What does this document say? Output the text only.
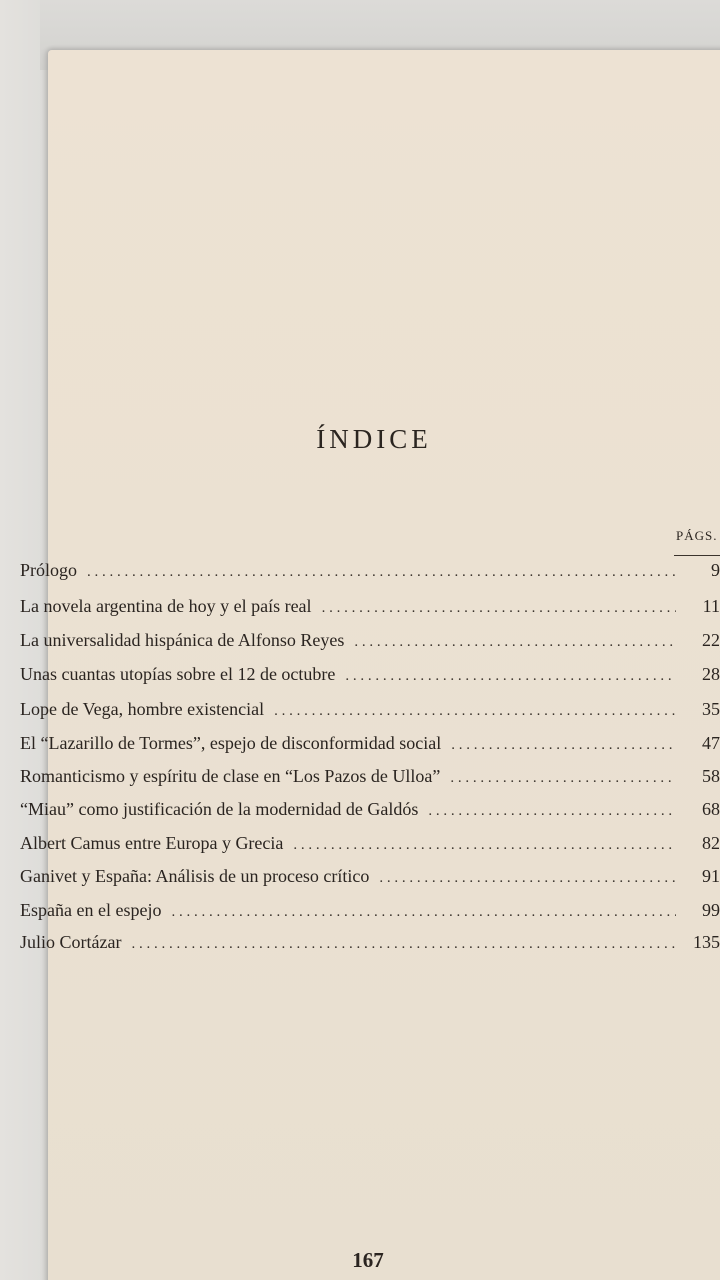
ÍNDICE
PÁGS.
Prólogo . . .	9
La novela argentina de hoy y el país real . . .	11
La universalidad hispánica de Alfonso Reyes . . .	22
Unas cuantas utopías sobre el 12 de octubre . . .	28
Lope de Vega, hombre existencial . . .	35
El “Lazarillo de Tormes”, espejo de disconformidad social . . .	47
Romanticismo y espíritu de clase en “Los Pazos de Ulloa” . . .	58
“Miau” como justificación de la modernidad de Galdós . . .	68
Albert Camus entre Europa y Grecia . . .	82
Ganivet y España: Análisis de un proceso crítico . . .	91
España en el espejo . . .	99
Julio Cortázar . . .	135
167
